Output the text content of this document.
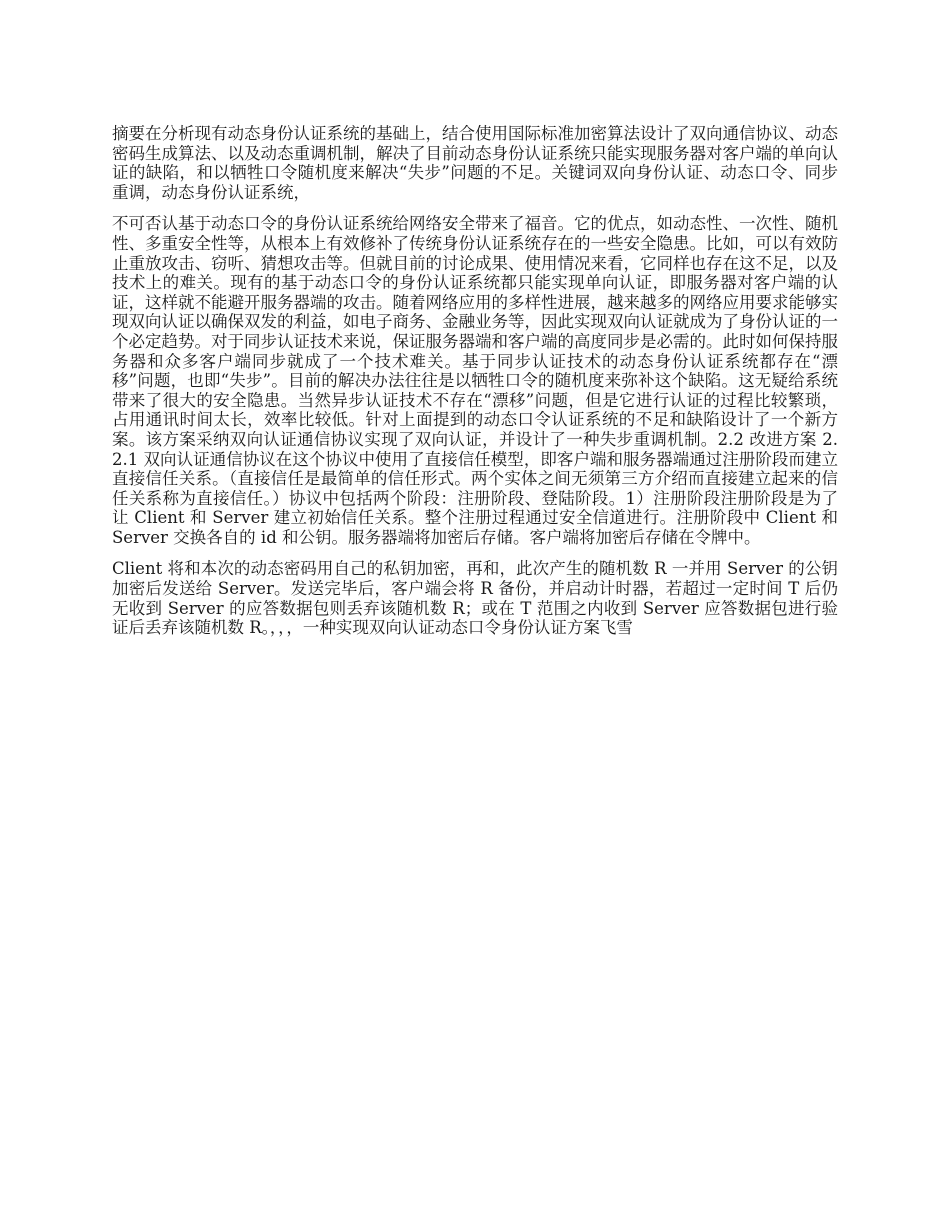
摘要在分析现有动态身份认证系统的基础上，结合使用国际标准加密算法设计了双向通信协议、动态密码生成算法、以及动态重调机制，解决了目前动态身份认证系统只能实现服务器对客户端的单向认证的缺陷，和以牺牲口令随机度来解决“失步”问题的不足。关键词双向身份认证、动态口令、同步重调，动态身份认证系统，

不可否认基于动态口令的身份认证系统给网络安全带来了福音。它的优点，如动态性、一次性、随机性、多重安全性等，从根本上有效修补了传统身份认证系统存在的一些安全隐患。比如，可以有效防止重放攻击、窃听、猜想攻击等。但就目前的讨论成果、使用情况来看，它同样也存在这不足，以及技术上的难关。现有的基于动态口令的身份认证系统都只能实现单向认证，即服务器对客户端的认证，这样就不能避开服务器端的攻击。随着网络应用的多样性进展，越来越多的网络应用要求能够实现双向认证以确保双发的利益，如电子商务、金融业务等，因此实现双向认证就成为了身份认证的一个必定趋势。对于同步认证技术来说，保证服务器端和客户端的高度同步是必需的。此时如何保持服务器和众多客户端同步就成了一个技术难关。基于同步认证技术的动态身份认证系统都存在“漂移”问题，也即“失步”。目前的解决办法往往是以牺牲口令的随机度来弥补这个缺陷。这无疑给系统带来了很大的安全隐患。当然异步认证技术不存在“漂移”问题，但是它进行认证的过程比较繁琐，占用通讯时间太长，效率比较低。针对上面提到的动态口令认证系统的不足和缺陷设计了一个新方案。该方案采纳双向认证通信协议实现了双向认证，并设计了一种失步重调机制。2.2 改进方案 2.2.1 双向认证通信协议在这个协议中使用了直接信任模型，即客户端和服务器端通过注册阶段而建立直接信任关系。（直接信任是最简单的信任形式。两个实体之间无须第三方介绍而直接建立起来的信任关系称为直接信任。）协议中包括两个阶段：注册阶段、登陆阶段。1）注册阶段注册阶段是为了让 Client 和 Server 建立初始信任关系。整个注册过程通过安全信道进行。注册阶段中 Client 和 Server 交换各自的 id 和公钥。服务器端将加密后存储。客户端将加密后存储在令牌中。

Client 将和本次的动态密码用自己的私钥加密，再和，此次产生的随机数 R 一并用 Server 的公钥加密后发送给 Server。发送完毕后，客户端会将 R 备份，并启动计时器，若超过一定时间 T 后仍无收到 Server 的应答数据包则丢弃该随机数 R；或在 T 范围之内收到 Server 应答数据包进行验证后丢弃该随机数 R。，，，一种实现双向认证动态口令身份认证方案飞雪
